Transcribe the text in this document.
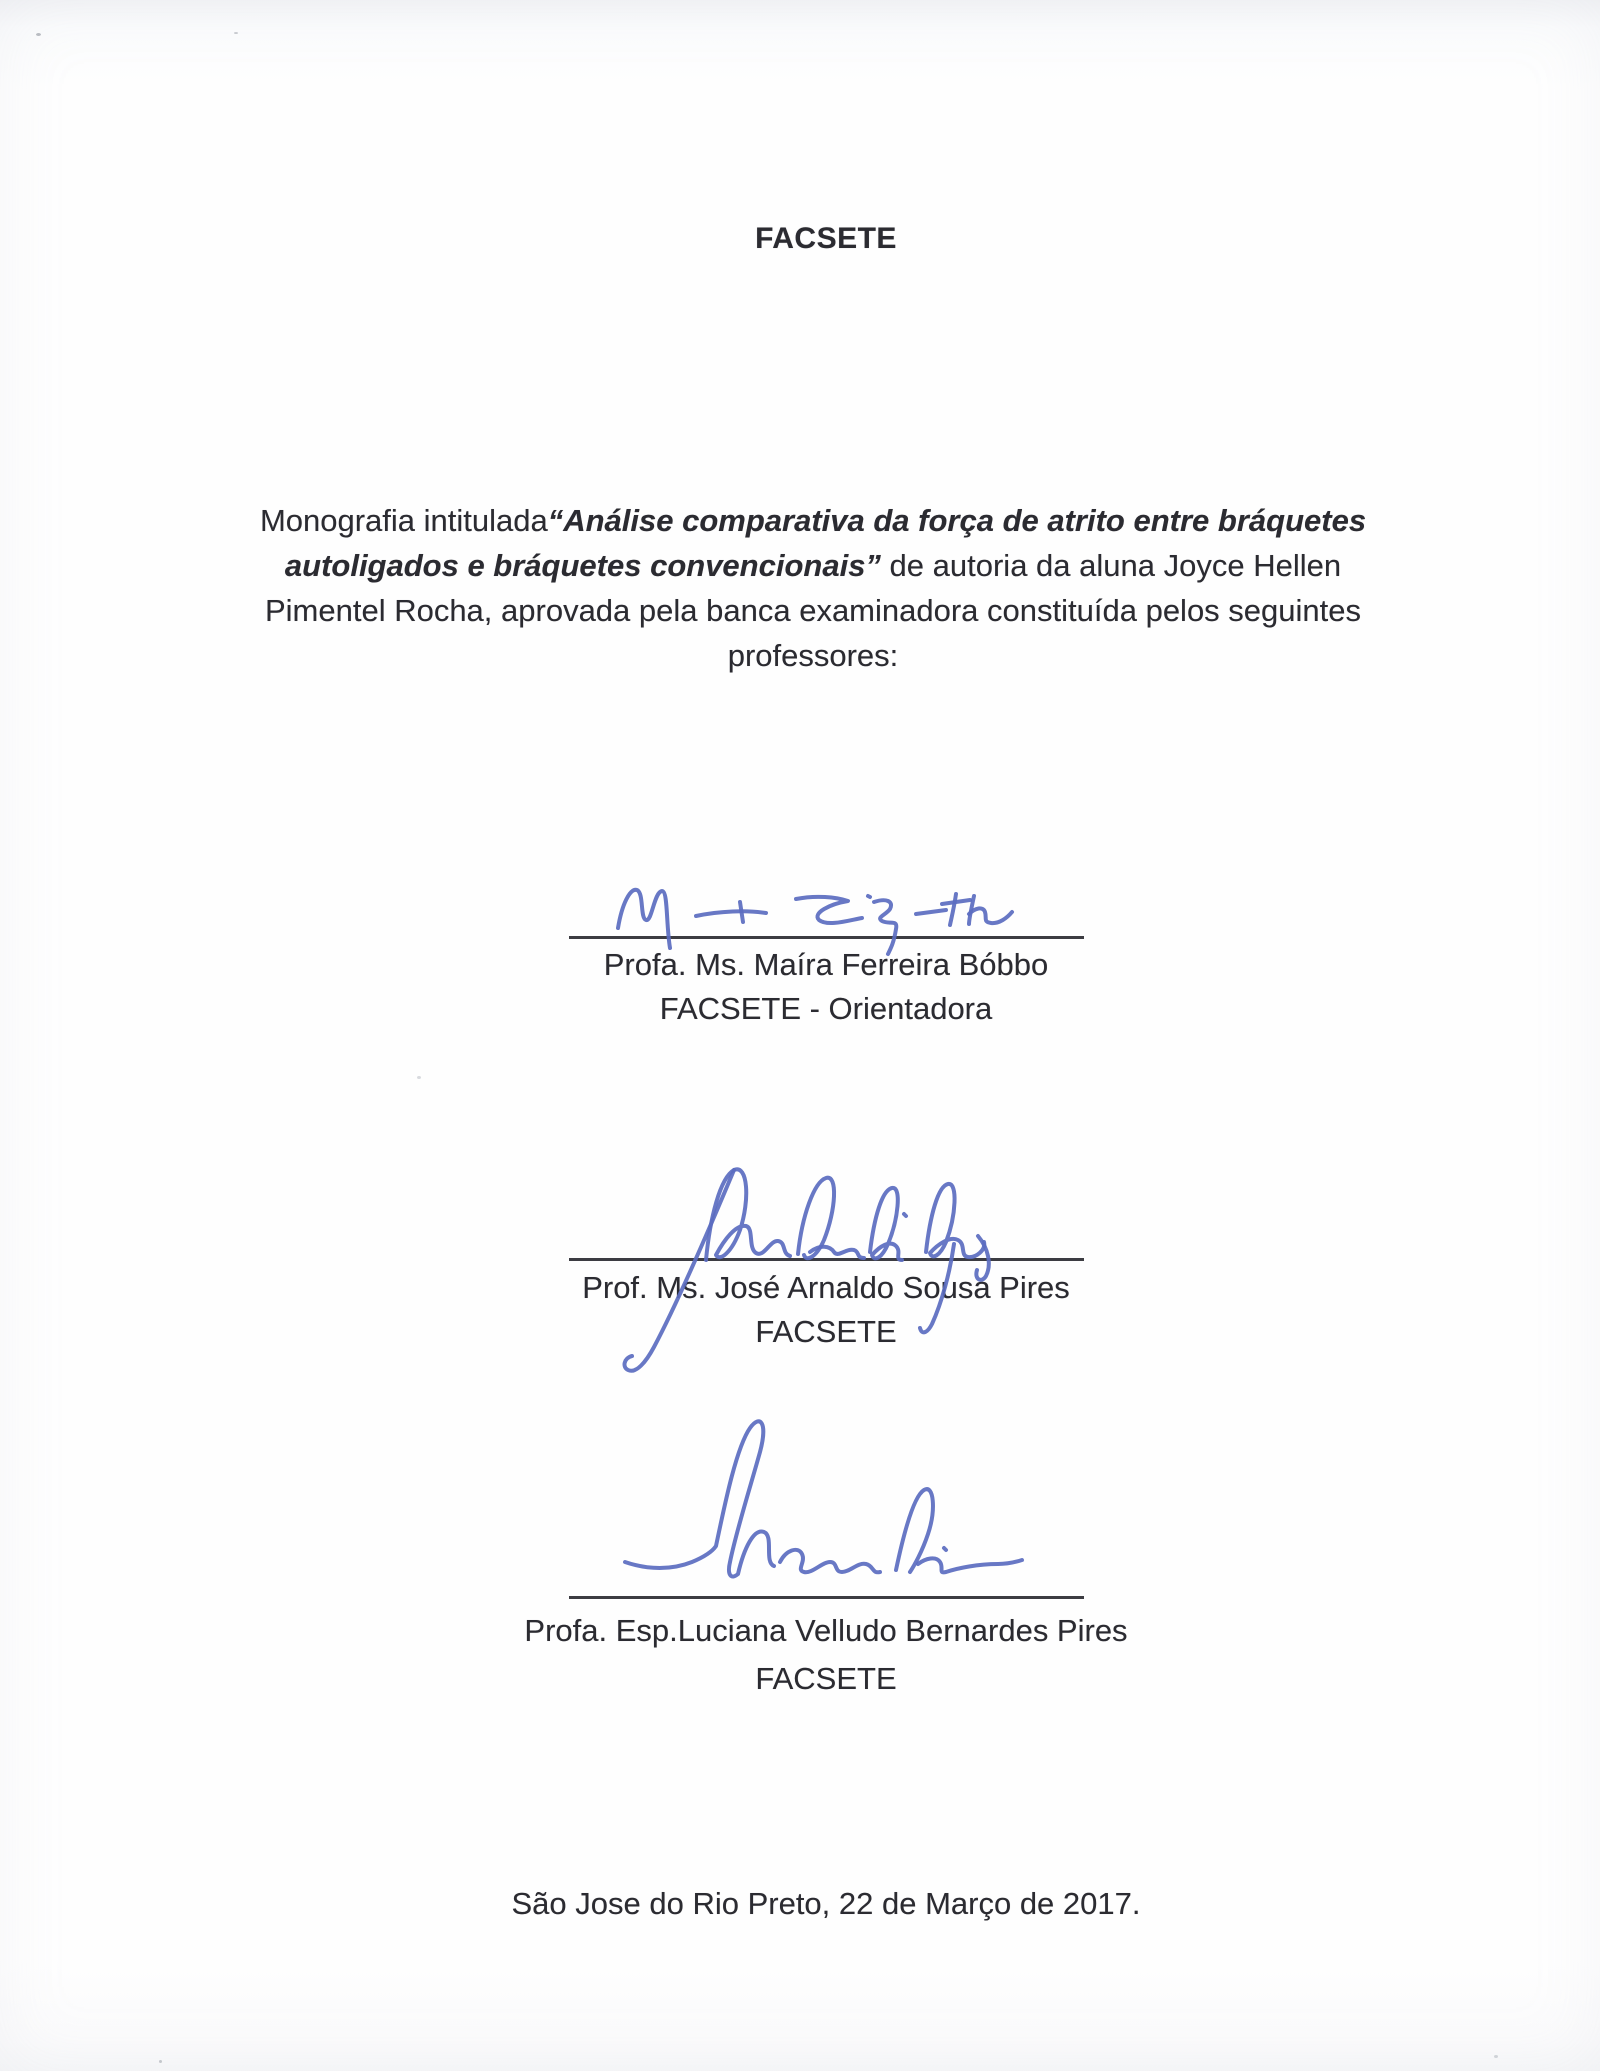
FACSETE
Profa. Ms. Maíra Ferreira Bóbbo
FACSETE - Orientadora
Prof. Ms. José Arnaldo Sousa Pires
FACSETE
Profa. Esp.Luciana Velludo Bernardes Pires
FACSETE
São Jose do Rio Preto, 22 de Março de 2017.
Monografia intitulada“Análise comparativa da força de atrito entre bráquetes
autoligados e bráquetes convencionais” de autoria da aluna Joyce Hellen
Pimentel Rocha, aprovada pela banca examinadora constituída pelos seguintes
professores:
